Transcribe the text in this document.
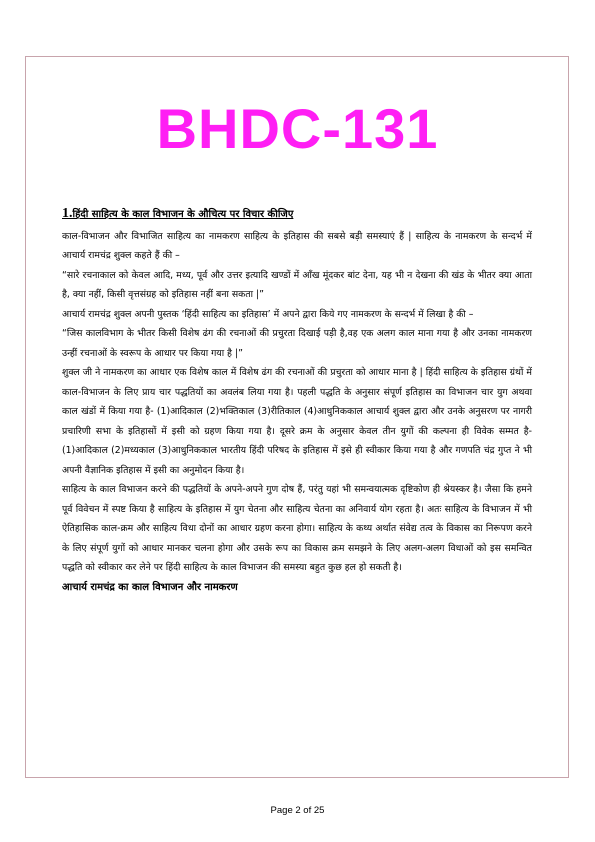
BHDC-131

1.हिंदी साहित्य के काल विभाजन के औचित्य पर विचार कीजिए

काल-विभाजन और विभाजित साहित्य का नामकरण साहित्य के इतिहास की सबसे बड़ी समस्याएं हैं | साहित्य के नामकरण के सन्दर्भ में आचार्य रामचंद्र शुक्ल कहते हैं की –

“सारे रचनाकाल को केवल आदि, मध्य, पूर्व और उत्तर इत्यादि खण्डों में आँख मूंदकर बांट देना, यह भी न देखना की खंड के भीतर क्या आता है, क्या नहीं, किसी वृत्तसंग्रह को इतिहास नहीं बना सकता |”

आचार्य रामचंद्र शुक्ल अपनी पुस्तक ‘हिंदी साहित्य का इतिहास’ में अपने द्वारा किये गए नामकरण के सन्दर्भ में लिखा है की –

“जिस कालविभाग के भीतर किसी विशेष ढंग की रचनाओं की प्रचुरता दिखाई पड़ी है,वह एक अलग काल माना गया है और उनका नामकरण उन्हीं रचनाओं के स्वरूप के आधार पर किया गया है |”

शुक्ल जी ने नामकरण का आधार एक विशेष काल में विशेष ढंग की रचनाओं की प्रचुरता को आधार माना है | हिंदी साहित्य के इतिहास ग्रंथों में काल-विभाजन के लिए प्राय चार पद्धतियों का अवलंब लिया गया है। पहली पद्धति के अनुसार संपूर्ण इतिहास का विभाजन चार युग अथवा काल खंडों में किया गया है- (1)आदिकाल (2)भक्तिकाल (3)रीतिकाल (4)आधुनिककाल आचार्य शुक्ल द्वारा और उनके अनुसरण पर नागरी प्रचारिणी सभा के इतिहासों में इसी को ग्रहण किया गया है। दूसरे क्रम के अनुसार केवल तीन युगों की कल्पना ही विवेक सम्मत है- (1)आदिकाल (2)मध्यकाल (3)आधुनिककाल भारतीय हिंदी परिषद के इतिहास में इसे ही स्वीकार किया गया है और गणपति चंद्र गुप्त ने भी अपनी वैज्ञानिक इतिहास में इसी का अनुमोदन किया है।

साहित्य के काल विभाजन करने की पद्धतियों के अपने-अपने गुण दोष हैं, परंतु यहां भी समन्वयात्मक दृष्टिकोण ही श्रेयस्कर है। जैसा कि हमने पूर्व विवेचन में स्पष्ट किया है साहित्य के इतिहास में युग चेतना और साहित्य चेतना का अनिवार्य योग रहता है। अतः साहित्य के विभाजन में भी ऐतिहासिक काल-क्रम और साहित्य विधा दोनों का आधार ग्रहण करना होगा। साहित्य के कथ्य अर्थात संवेद्य तत्व के विकास का निरूपण करने के लिए संपूर्ण युगों को आधार मानकर चलना होगा और उसके रूप का विकास क्रम समझने के लिए अलग-अलग विधाओं को इस समन्वित पद्धति को स्वीकार कर लेने पर हिंदी साहित्य के काल विभाजन की समस्या बहुत कुछ हल हो सकती है।

आचार्य रामचंद्र का काल विभाजन और नामकरण

Page 2 of 25
